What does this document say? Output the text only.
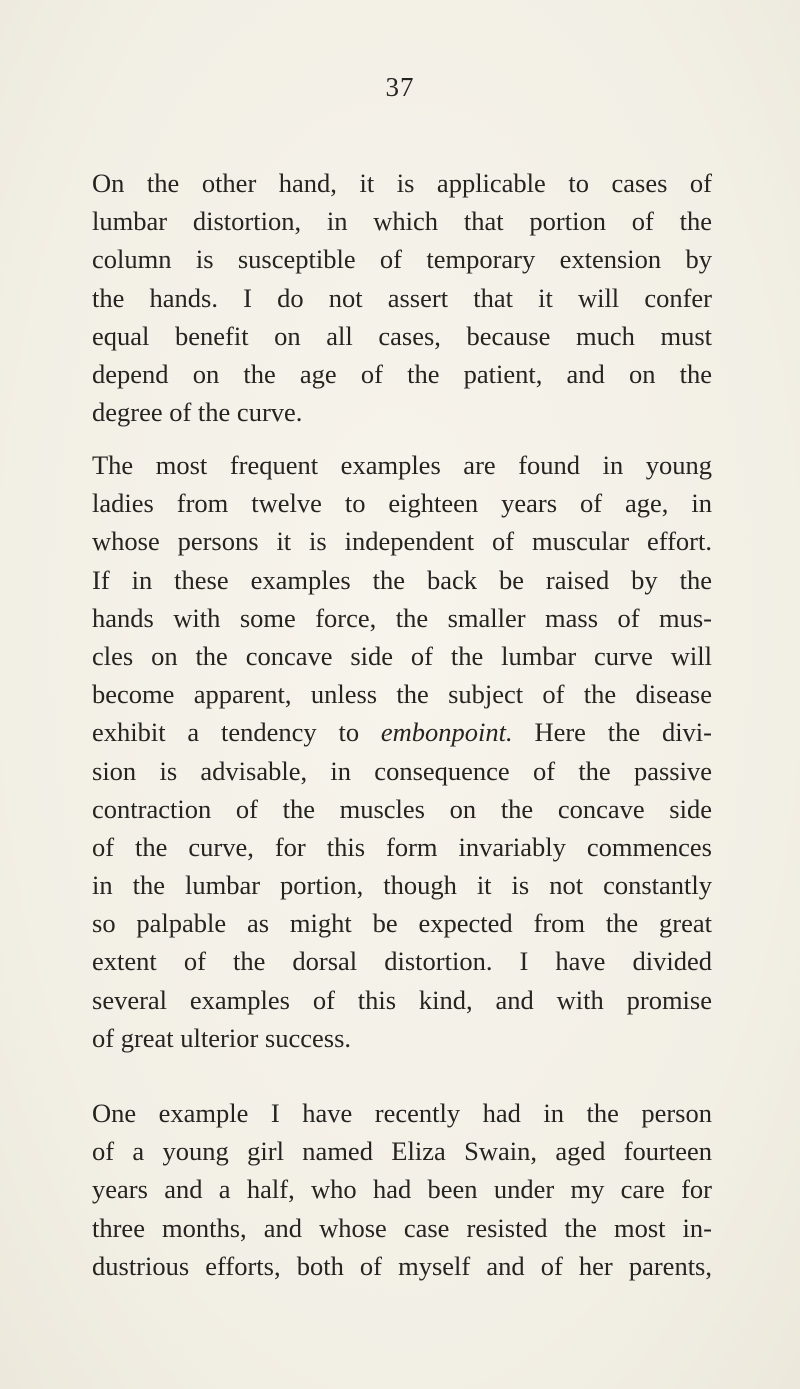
37
On the other hand, it is applicable to cases of
lumbar distortion, in which that portion of the
column is susceptible of temporary extension by
the hands. I do not assert that it will confer
equal benefit on all cases, because much must
depend on the age of the patient, and on the
degree of the curve.
The most frequent examples are found in young
ladies from twelve to eighteen years of age, in
whose persons it is independent of muscular effort.
If in these examples the back be raised by the
hands with some force, the smaller mass of mus-
cles on the concave side of the lumbar curve will
become apparent, unless the subject of the disease
exhibit a tendency to embonpoint. Here the divi-
sion is advisable, in consequence of the passive
contraction of the muscles on the concave side
of the curve, for this form invariably commences
in the lumbar portion, though it is not constantly
so palpable as might be expected from the great
extent of the dorsal distortion. I have divided
several examples of this kind, and with promise
of great ulterior success.
One example I have recently had in the person
of a young girl named Eliza Swain, aged fourteen
years and a half, who had been under my care for
three months, and whose case resisted the most in-
dustrious efforts, both of myself and of her parents,
